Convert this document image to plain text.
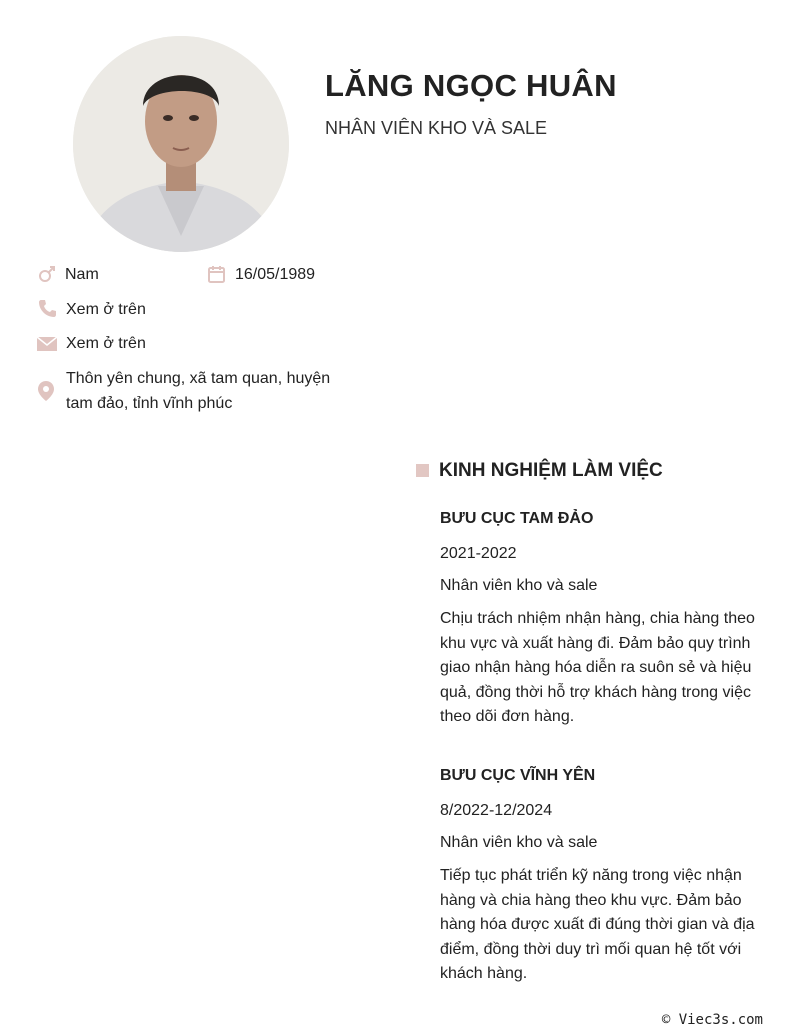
LĂNG NGỌC HUÂN
NHÂN VIÊN KHO VÀ SALE
Nam	16/05/1989
Xem ở trên
Xem ở trên
Thôn yên chung, xã tam quan, huyện tam đảo, tỉnh vĩnh phúc
KINH NGHIỆM LÀM VIỆC
BƯU CỤC TAM ĐẢO
2021-2022
Nhân viên kho và sale
Chịu trách nhiệm nhận hàng, chia hàng theo khu vực và xuất hàng đi. Đảm bảo quy trình giao nhận hàng hóa diễn ra suôn sẻ và hiệu quả, đồng thời hỗ trợ khách hàng trong việc theo dõi đơn hàng.
BƯU CỤC VĨNH YÊN
8/2022-12/2024
Nhân viên kho và sale
Tiếp tục phát triển kỹ năng trong việc nhận hàng và chia hàng theo khu vực. Đảm bảo hàng hóa được xuất đi đúng thời gian và địa điểm, đồng thời duy trì mối quan hệ tốt với khách hàng.
© Viec3s.com
